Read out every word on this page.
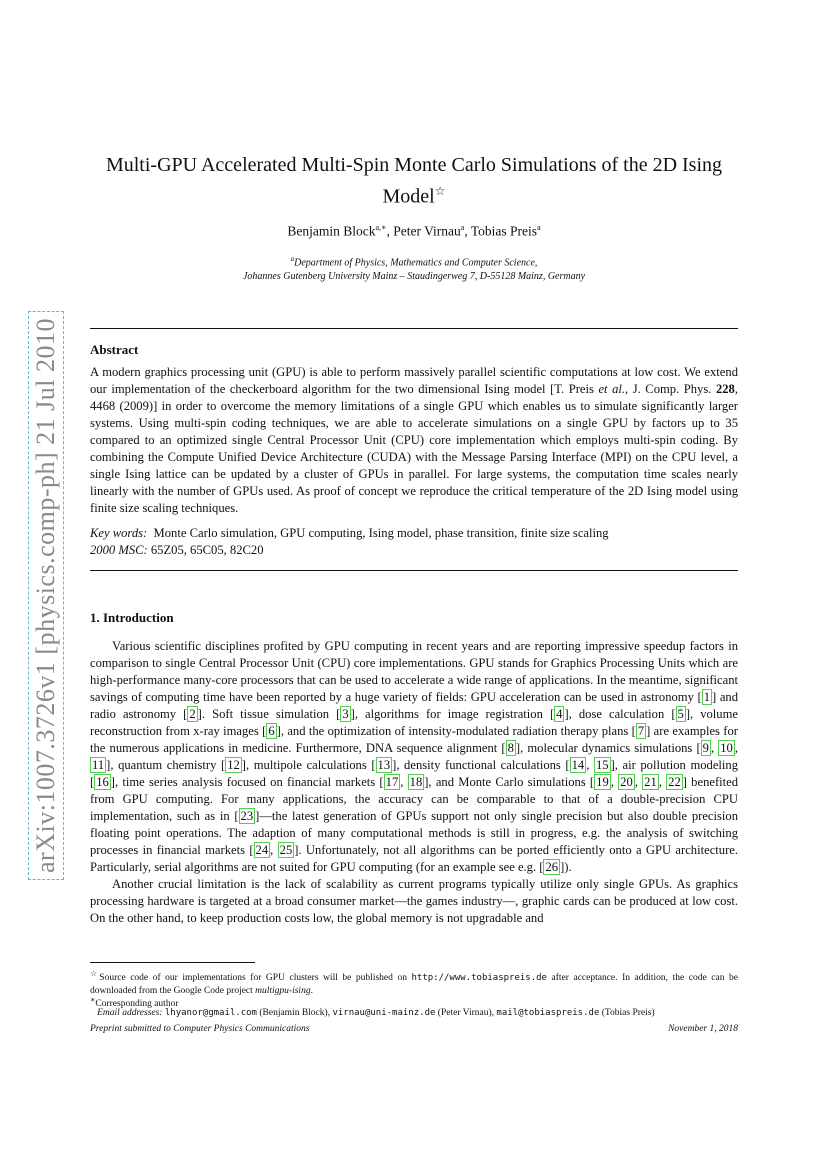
arXiv:1007.3726v1 [physics.comp-ph] 21 Jul 2010
Multi-GPU Accelerated Multi-Spin Monte Carlo Simulations of the 2D Ising
Model☆
Benjamin Block$^{a,∗}$, Peter Virnau$^a$, Tobias Preis$^a$
$^a$Department of Physics, Mathematics and Computer Science,
Johannes Gutenberg University Mainz – Staudingerweg 7, D-55128 Mainz, Germany
Abstract
A modern graphics processing unit (GPU) is able to perform massively parallel scientific computations at low cost. We extend our implementation of the checkerboard algorithm for the two dimensional Ising model [T. Preis et al., J. Comp. Phys. 228, 4468 (2009)] in order to overcome the memory limitations of a single GPU which enables us to simulate significantly larger systems. Using multi-spin coding techniques, we are able to accelerate simulations on a single GPU by factors up to 35 compared to an optimized single Central Processor Unit (CPU) core implementation which employs multi-spin coding. By combining the Compute Unified Device Architecture (CUDA) with the Message Parsing Interface (MPI) on the CPU level, a single Ising lattice can be updated by a cluster of GPUs in parallel. For large systems, the computation time scales nearly linearly with the number of GPUs used. As proof of concept we reproduce the critical temperature of the 2D Ising model using finite size scaling techniques.
Key words: Monte Carlo simulation, GPU computing, Ising model, phase transition, finite size scaling
2000 MSC: 65Z05, 65C05, 82C20
1. Introduction

Various scientific disciplines profited by GPU computing in recent years and are reporting impressive speedup factors in comparison to single Central Processor Unit (CPU) core implementations. GPU stands for Graphics Processing Units which are high-performance many-core processors that can be used to accelerate a wide range of applications. In the meantime, significant savings of computing time have been reported by a huge variety of fields: GPU acceleration can be used in astronomy [ 1 ] and radio astronomy [ 2 ]. Soft tissue simulation [ 3 ], algorithms for image registration [ 4 ], dose calculation [ 5 ], volume reconstruction from x-ray images [ 6 ], and the optimization of intensity-modulated radiation therapy plans [ 7 ] are examples for the numerous applications in medicine. Furthermore, DNA sequence alignment [ 8 ], molecular dynamics simulations [ 9 , 10 , 11 ], quantum chemistry [ 12 ], multipole calculations [ 13 ], density functional calculations [ 14 , 15 ], air pollution modeling [ 16 ], time series analysis focused on financial markets [ 17 , 18 ], and Monte Carlo simulations [ 19 , 20 , 21 , 22 ] benefited from GPU computing. For many applications, the accuracy can be comparable to that of a double-precision CPU implementation, such as in [ 23 ]—the latest generation of GPUs support not only single precision but also double precision floating point operations. The adaption of many computational methods is still in progress, e.g. the analysis of switching processes in financial markets [ 24 , 25 ]. Unfortunately, not all algorithms can be ported efficiently onto a GPU architecture. Particularly, serial algorithms are not suited for GPU computing (for an example see e.g. [ 26 ]).

Another crucial limitation is the lack of scalability as current programs typically utilize only single GPUs. As graphics processing hardware is targeted at a broad consumer market—the games industry—, graphic cards can be produced at low cost. On the other hand, to keep production costs low, the global memory is not upgradable and

☆Source code of our implementations for GPU clusters will be published on http://www.tobiaspreis.de after acceptance. In addition, the code can be downloaded from the Google Code project multigpu-ising.
∗Corresponding author
Email addresses: lhyanor@gmail.com (Benjamin Block), virnau@uni-mainz.de (Peter Virnau), mail@tobiaspreis.de (Tobias Preis)
Preprint submitted to Computer Physics Communications	November 1, 2018
